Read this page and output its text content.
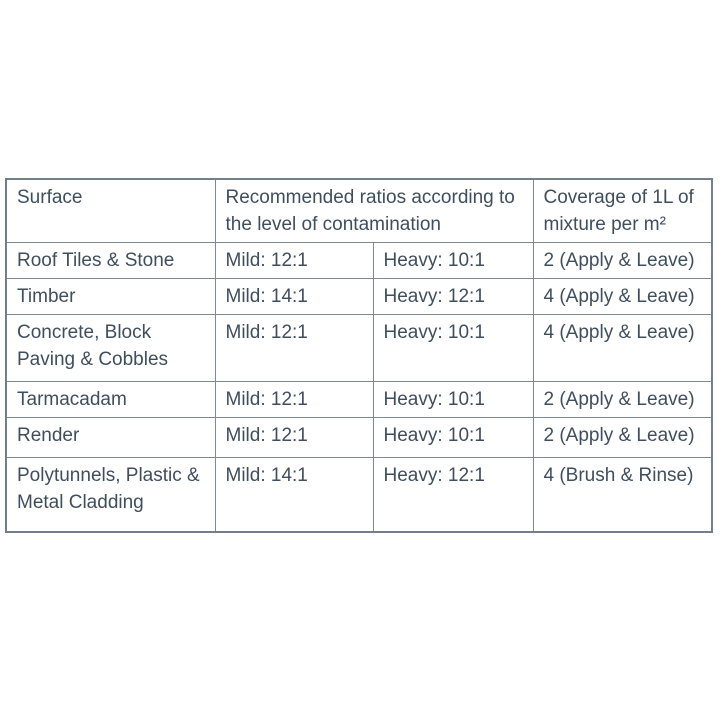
Surface	Recommended ratios according to the level of contamination		Coverage of 1L of mixture per m²
Roof Tiles & Stone	Mild: 12:1	Heavy: 10:1	2 (Apply & Leave)
Timber	Mild: 14:1	Heavy: 12:1	4 (Apply & Leave)
Concrete, Block Paving & Cobbles	Mild: 12:1	Heavy: 10:1	4 (Apply & Leave)
Tarmacadam	Mild: 12:1	Heavy: 10:1	2 (Apply & Leave)
Render	Mild: 12:1	Heavy: 10:1	2 (Apply & Leave)
Polytunnels, Plastic & Metal Cladding	Mild: 14:1	Heavy: 12:1	4 (Brush & Rinse)
